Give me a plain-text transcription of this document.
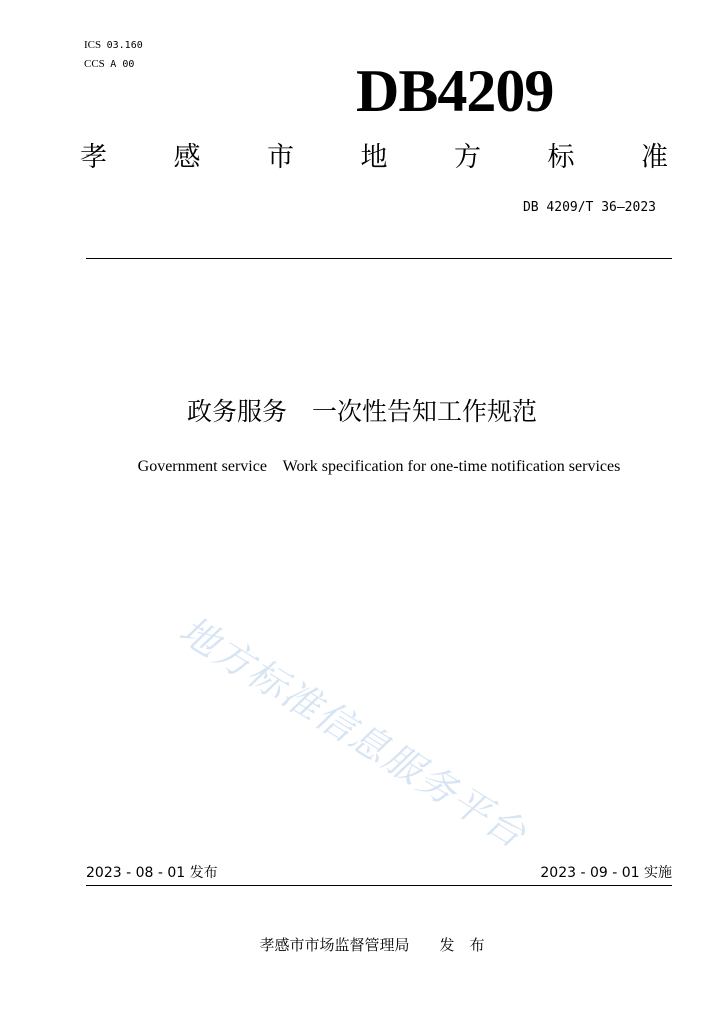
ICS 03.160
CCS A 00	DB4209
孝 感 市 地 方 标 准
DB 4209/T 36—2023
政务服务　一次性告知工作规范
Government service    Work specification for one-time notification services
地方标准信息服务平台
2023 - 08 - 01 发布	2023 - 09 - 01 实施
孝感市市场监督管理局　　发　布
